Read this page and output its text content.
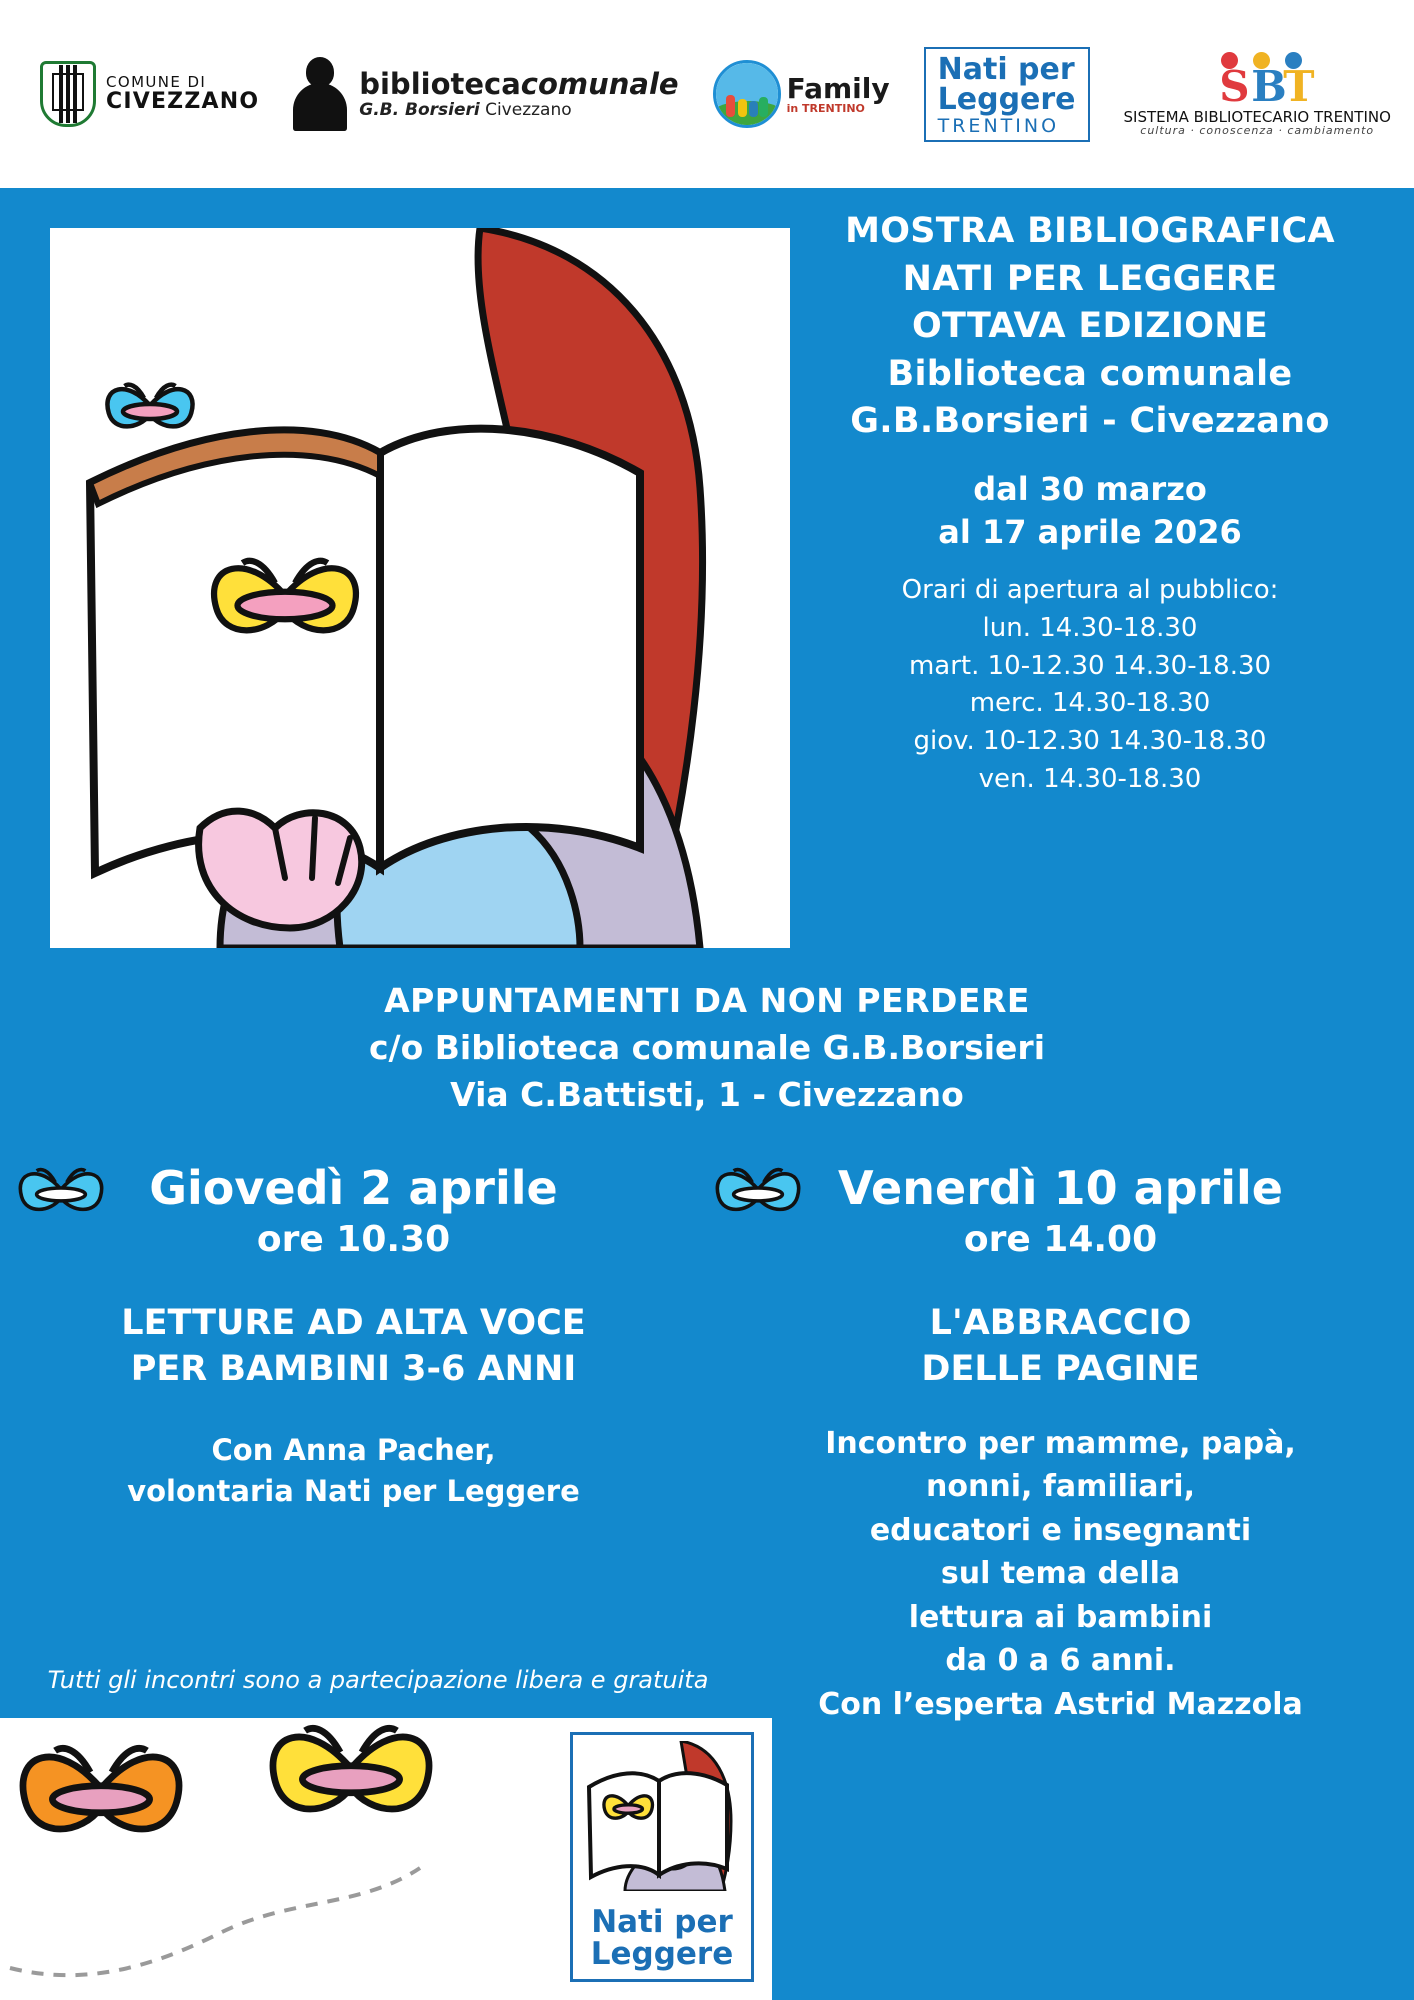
COMUNE DI
CIVEZZANO
bibliotecacomunale
G.B. Borsieri Civezzano
Family
in TRENTINO
Nati per
Leggere
TRENTINO
S B
T
SISTEMA BIBLIOTECARIO TRENTINO
cultura · conoscenza · cambiamento
MOSTRA BIBLIOGRAFICA
NATI PER LEGGERE
OTTAVA EDIZIONE
Biblioteca comunale
G.B.Borsieri - Civezzano
dal 30 marzo
al 17 aprile 2026
Orari di apertura al pubblico:
lun. 14.30-18.30
mart. 10-12.30 14.30-18.30
merc. 14.30-18.30
giov. 10-12.30 14.30-18.30
ven. 14.30-18.30
APPUNTAMENTI DA NON PERDERE
c/o Biblioteca comunale G.B.Borsieri
Via C.Battisti, 1 - Civezzano
Giovedì 2 aprile
ore 10.30
LETTURE AD ALTA VOCE
PER BAMBINI 3-6 ANNI
Con Anna Pacher,
volontaria Nati per Leggere
Venerdì 10 aprile
ore 14.00
L'ABBRACCIO
DELLE PAGINE
Incontro per mamme, papà,
nonni, familiari,
educatori e insegnanti
sul tema della
lettura ai bambini
da 0 a 6 anni.
Con l’esperta Astrid Mazzola
Tutti gli incontri sono a partecipazione libera e gratuita
Nati per
Leggere
